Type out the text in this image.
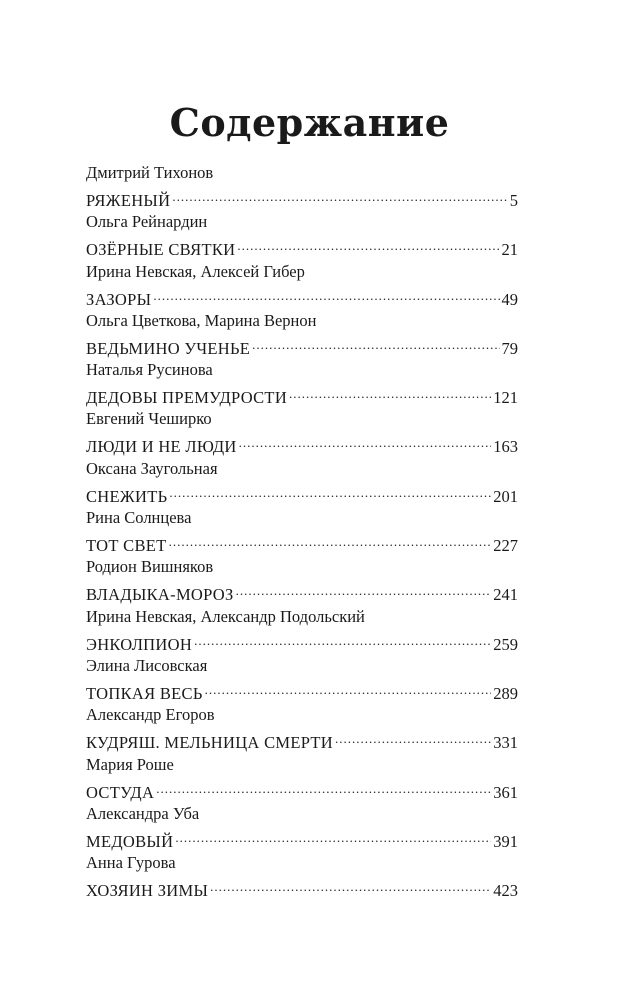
Содержание
Дмитрий Тихонов
РЯЖЕНЫЙ .....	5
Ольга Рейнардин
ОЗЁРНЫЕ СВЯТКИ .....	21
Ирина Невская, Алексей Гибер
ЗАЗОРЫ .....	49
Ольга Цветкова, Марина Вернон
ВЕДЬМИНО УЧЕНЬЕ .....	79
Наталья Русинова
ДЕДОВЫ ПРЕМУДРОСТИ .....	121
Евгений Чеширко
ЛЮДИ И НЕ ЛЮДИ .....	163
Оксана Заугольная
СНЕЖИТЬ .....	201
Рина Солнцева
ТОТ СВЕТ .....	227
Родион Вишняков
ВЛАДЫКА-МОРОЗ .....	241
Ирина Невская, Александр Подольский
ЭНКОЛПИОН .....	259
Элина Лисовская
ТОПКАЯ ВЕСЬ .....	289
Александр Егоров
КУДРЯШ. МЕЛЬНИЦА СМЕРТИ .....	331
Мария Роше
ОСТУДА .....	361
Александра Уба
МЕДОВЫЙ .....	391
Анна Гурова
ХОЗЯИН ЗИМЫ .....	423
